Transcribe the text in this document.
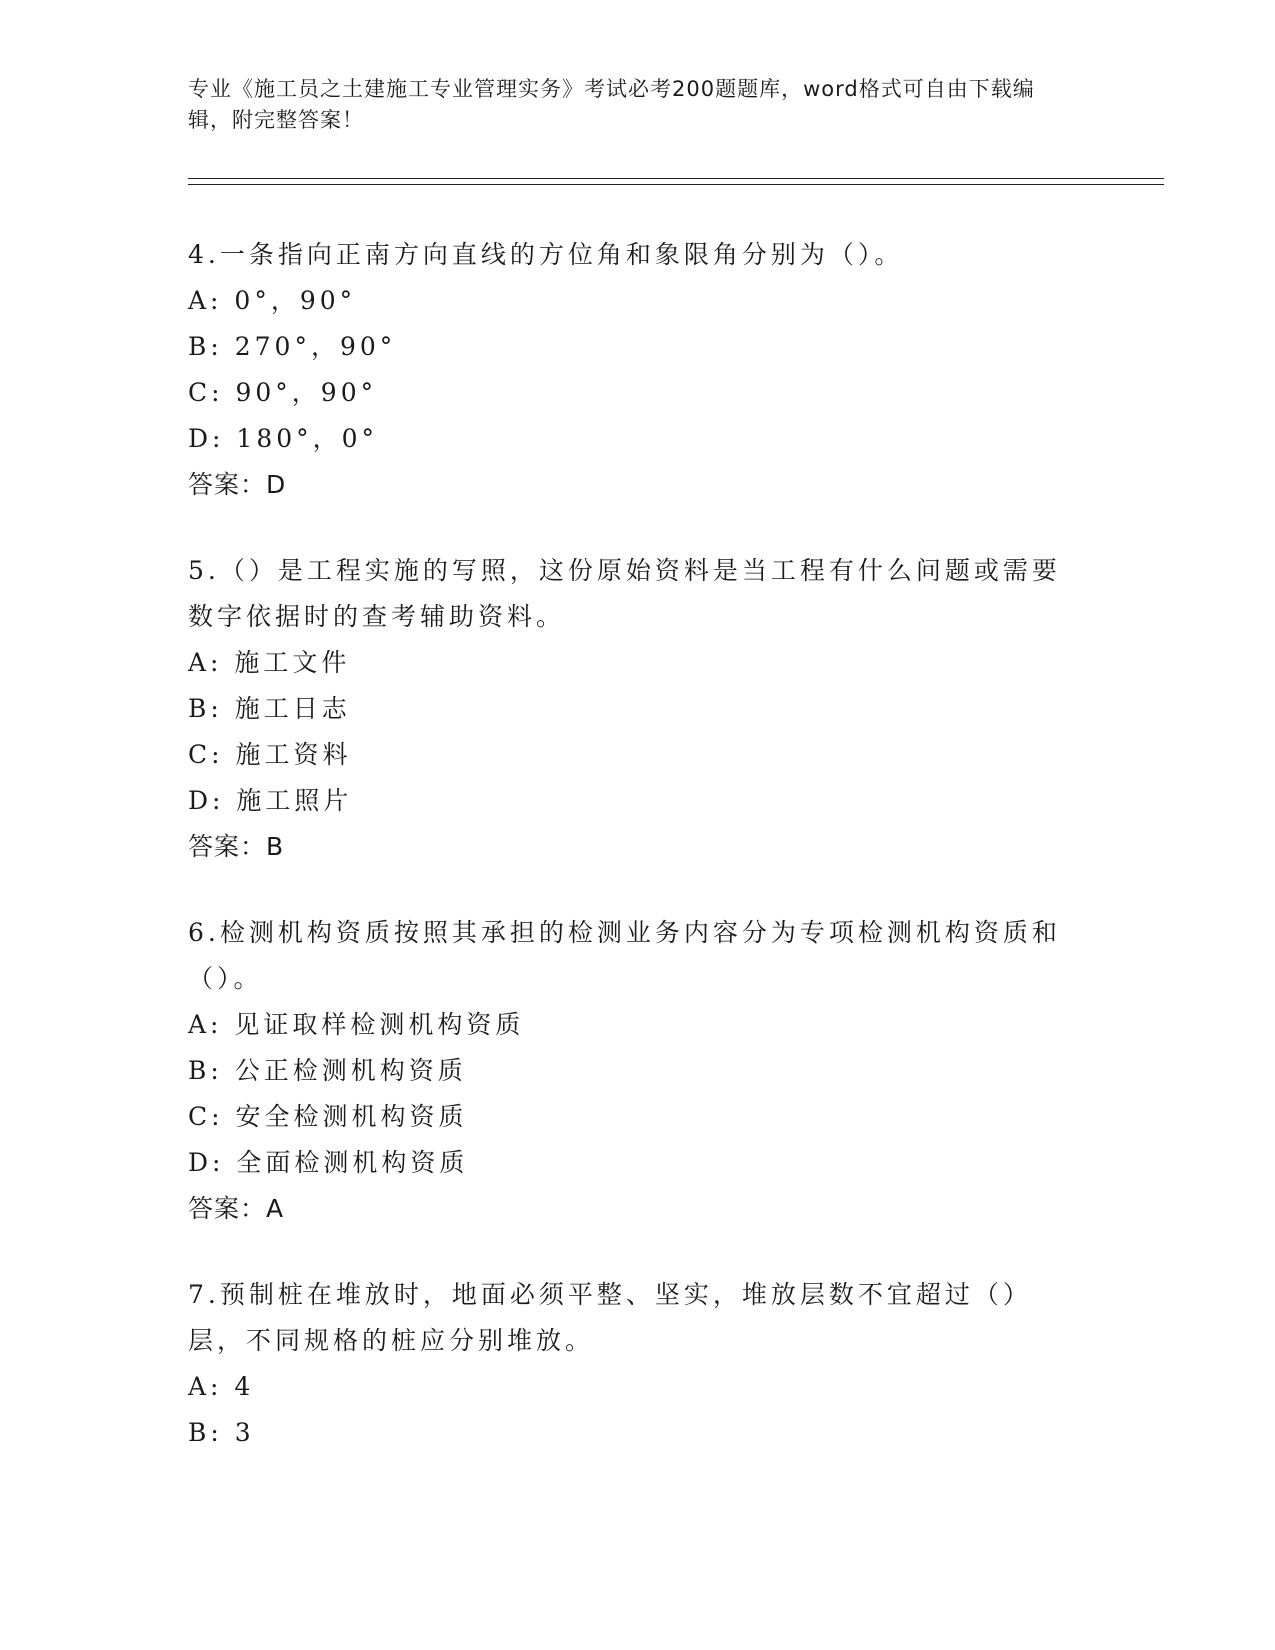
专业《施工员之土建施工专业管理实务》考试必考200题题库，word格式可自由下载编辑，附完整答案！
4.一条指向正南方向直线的方位角和象限角分别为（）。
A: 0°，90°
B: 270°，90°
C: 90°，90°
D: 180°，0°
答案：D
5.（）是工程实施的写照，这份原始资料是当工程有什么问题或需要数字依据时的查考辅助资料。
A: 施工文件
B: 施工日志
C: 施工资料
D: 施工照片
答案：B
6.检测机构资质按照其承担的检测业务内容分为专项检测机构资质和（）。
A: 见证取样检测机构资质
B: 公正检测机构资质
C: 安全检测机构资质
D: 全面检测机构资质
答案：A
7.预制桩在堆放时，地面必须平整、坚实，堆放层数不宜超过（）层，不同规格的桩应分别堆放。
A: 4
B: 3
